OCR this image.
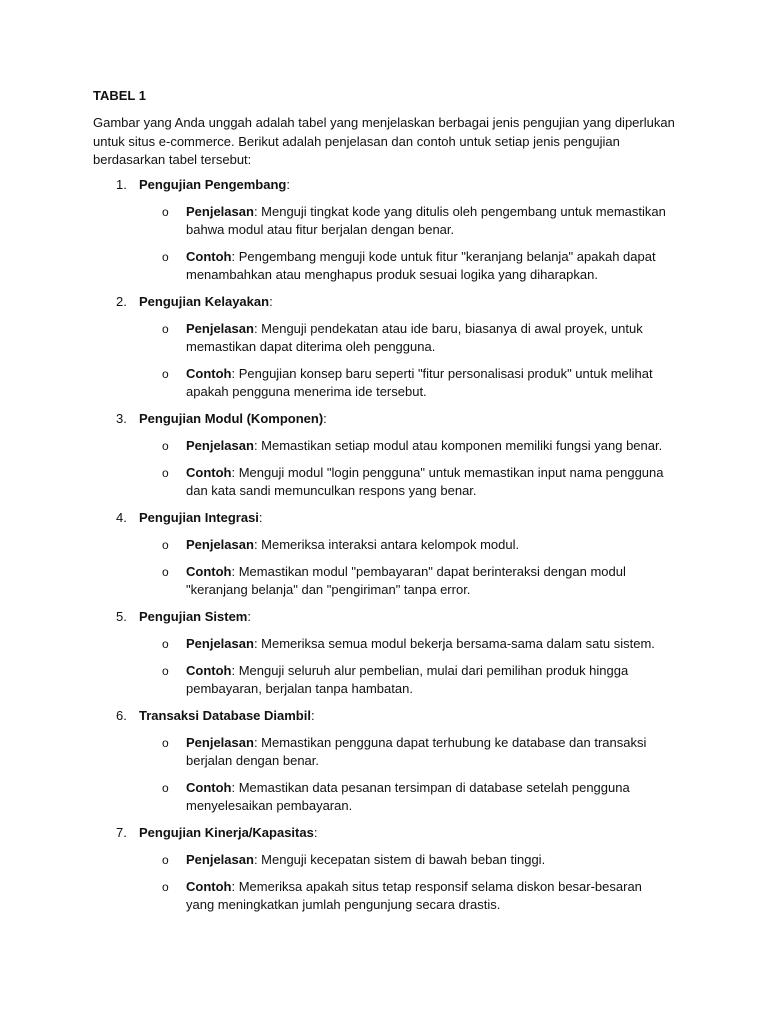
TABEL 1

Gambar yang Anda unggah adalah tabel yang menjelaskan berbagai jenis pengujian yang diperlukan untuk situs e-commerce. Berikut adalah penjelasan dan contoh untuk setiap jenis pengujian berdasarkan tabel tersebut:

1. Pengujian Pengembang:
o Penjelasan: Menguji tingkat kode yang ditulis oleh pengembang untuk memastikan bahwa modul atau fitur berjalan dengan benar.
o Contoh: Pengembang menguji kode untuk fitur "keranjang belanja" apakah dapat menambahkan atau menghapus produk sesuai logika yang diharapkan.
2. Pengujian Kelayakan:
o Penjelasan: Menguji pendekatan atau ide baru, biasanya di awal proyek, untuk memastikan dapat diterima oleh pengguna.
o Contoh: Pengujian konsep baru seperti "fitur personalisasi produk" untuk melihat apakah pengguna menerima ide tersebut.
3. Pengujian Modul (Komponen):
o Penjelasan: Memastikan setiap modul atau komponen memiliki fungsi yang benar.
o Contoh: Menguji modul "login pengguna" untuk memastikan input nama pengguna dan kata sandi memunculkan respons yang benar.
4. Pengujian Integrasi:
o Penjelasan: Memeriksa interaksi antara kelompok modul.
o Contoh: Memastikan modul "pembayaran" dapat berinteraksi dengan modul "keranjang belanja" dan "pengiriman" tanpa error.
5. Pengujian Sistem:
o Penjelasan: Memeriksa semua modul bekerja bersama-sama dalam satu sistem.
o Contoh: Menguji seluruh alur pembelian, mulai dari pemilihan produk hingga pembayaran, berjalan tanpa hambatan.
6. Transaksi Database Diambil:
o Penjelasan: Memastikan pengguna dapat terhubung ke database dan transaksi berjalan dengan benar.
o Contoh: Memastikan data pesanan tersimpan di database setelah pengguna menyelesaikan pembayaran.
7. Pengujian Kinerja/Kapasitas:
o Penjelasan: Menguji kecepatan sistem di bawah beban tinggi.
o Contoh: Memeriksa apakah situs tetap responsif selama diskon besar-besaran yang meningkatkan jumlah pengunjung secara drastis.
